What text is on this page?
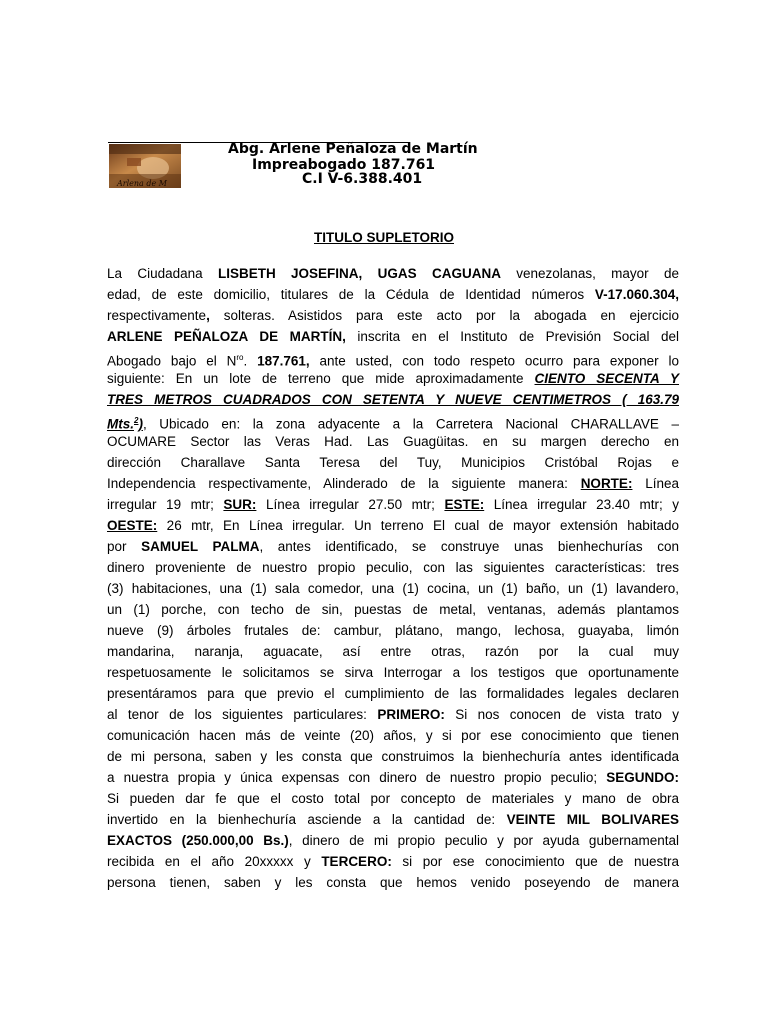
Arlena de M
Abg. Arlene Peñaloza de Martín
Impreabogado 187.761
C.I V-6.388.401
TITULO SUPLETORIO
La Ciudadana LISBETH JOSEFINA, UGAS CAGUANA venezolanas, mayor de
edad, de este domicilio, titulares de la Cédula de Identidad números V-17.060.304,
respectivamente, solteras. Asistidos para este acto por la abogada en ejercicio
ARLENE PEÑALOZA DE MARTÍN, inscrita en el Instituto de Previsión Social del
Abogado bajo el $N^{ro}$. 187.761, ante usted, con todo respeto ocurro para exponer lo
siguiente: En un lote de terreno que mide aproximadamente CIENTO SECENTA Y
TRES METROS CUADRADOS CON SETENTA Y NUEVE CENTIMETROS ( 163.79
Mts.$^2$), Ubicado en: la zona adyacente a la Carretera Nacional CHARALLAVE –
OCUMARE Sector las Veras Had. Las Guagüitas. en su margen derecho en
dirección Charallave Santa Teresa del Tuy, Municipios Cristóbal Rojas e
Independencia respectivamente, Alinderado de la siguiente manera: NORTE: Línea
irregular 19 mtr; SUR: Línea irregular 27.50 mtr; ESTE: Línea irregular 23.40 mtr; y
OESTE: 26 mtr, En Línea irregular. Un terreno El cual de mayor extensión habitado
por SAMUEL PALMA, antes identificado, se construye unas bienhechurías con
dinero proveniente de nuestro propio peculio, con las siguientes características: tres
(3) habitaciones, una (1) sala comedor, una (1) cocina, un (1) baño, un (1) lavandero,
un (1) porche, con techo de sin, puestas de metal, ventanas, además plantamos
nueve (9) árboles frutales de: cambur, plátano, mango, lechosa, guayaba, limón
mandarina, naranja, aguacate, así entre otras, razón por la cual muy
respetuosamente le solicitamos se sirva Interrogar a los testigos que oportunamente
presentáramos para que previo el cumplimiento de las formalidades legales declaren
al tenor de los siguientes particulares: PRIMERO: Si nos conocen de vista trato y
comunicación hacen más de veinte (20) años, y si por ese conocimiento que tienen
de mi persona, saben y les consta que construimos la bienhechuría antes identificada
a nuestra propia y única expensas con dinero de nuestro propio peculio; SEGUNDO:
Si pueden dar fe que el costo total por concepto de materiales y mano de obra
invertido en la bienhechuría asciende a la cantidad de: VEINTE MIL BOLIVARES
EXACTOS (250.000,00 Bs.), dinero de mi propio peculio y por ayuda gubernamental
recibida en el año 20xxxxx y TERCERO: si por ese conocimiento que de nuestra
persona tienen, saben y les consta que hemos venido poseyendo de manera
